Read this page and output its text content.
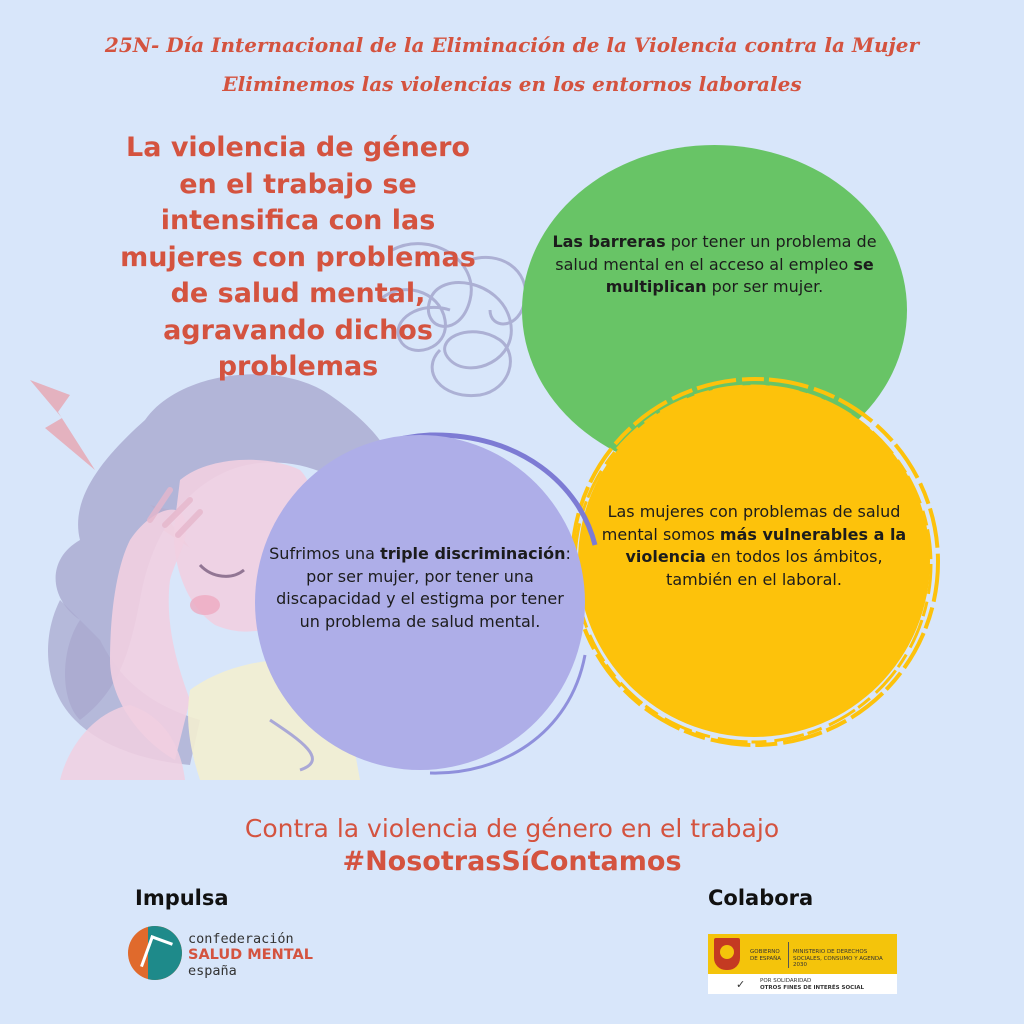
25N- Día Internacional de la Eliminación de la Violencia contra la Mujer
Eliminemos las violencias en los entornos laborales
La violencia de género
en el trabajo se
intensifica con las
mujeres con problemas
de salud mental,
agravando dichos
problemas
Las barreras por tener un problema de salud mental en el acceso al empleo se multiplican por ser mujer.
Las mujeres con problemas de salud mental somos más vulnerables a la violencia en todos los ámbitos, también en el laboral.
Sufrimos una triple discriminación: por ser mujer, por tener una discapacidad y el estigma por tener un problema de salud mental.
Contra la violencia de género en el trabajo
#NosotrasSíContamos
Impulsa	Colabora
confederación
SALUD MENTAL
españa
GOBIERNO DE ESPAÑA
MINISTERIO DE DERECHOS SOCIALES, CONSUMO Y AGENDA 2030
✓	POR SOLIDARIDAD
OTROS FINES DE INTERÉS SOCIAL
